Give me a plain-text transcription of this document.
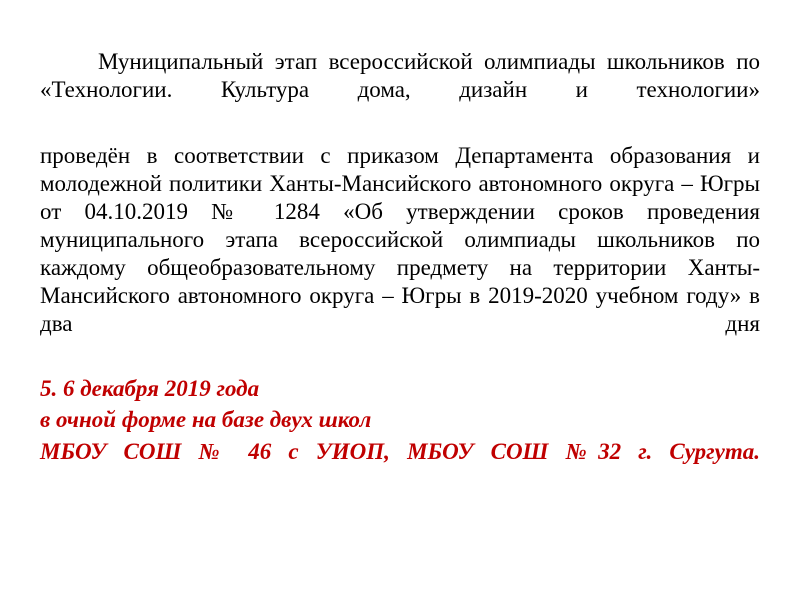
Муниципальный этап всероссийской олимпиады школьников по «Технологии. Культура дома, дизайн и технологии»

проведён в соответствии с приказом Департамента образования и молодежной политики Ханты-Мансийского автономного округа – Югры от 04.10.2019 № 1284 «Об утверждении сроков проведения муниципального этапа всероссийской олимпиады школьников по каждому общеобразовательному предмету на территории Ханты-Мансийского автономного округа – Югры в 2019-2020 учебном году» в два дня

5. 6 декабря 2019 года

в очной форме на базе двух школ

МБОУ СОШ № 46 с УИОП, МБОУ СОШ №32 г. Сургута.
